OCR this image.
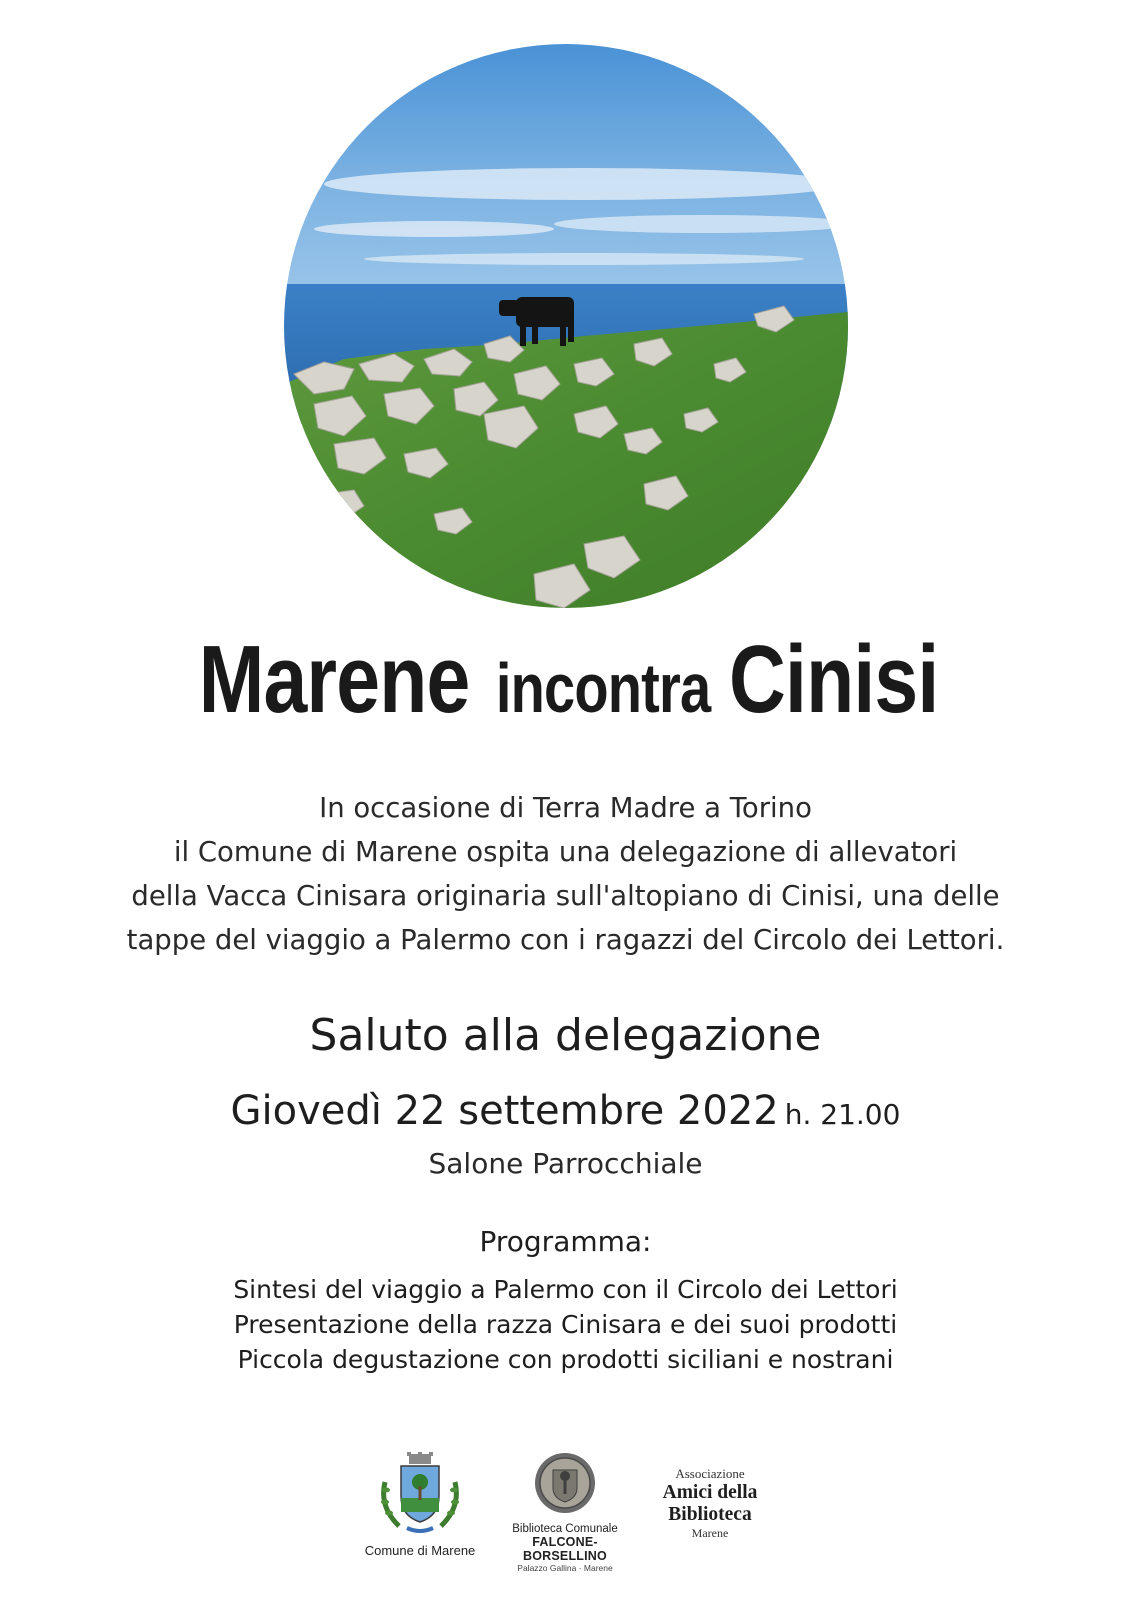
Marene incontra Cinisi
In occasione di Terra Madre a Torino
il Comune di Marene ospita una delegazione di allevatori
della Vacca Cinisara originaria sull'altopiano di Cinisi, una delle
tappe del viaggio a Palermo con i ragazzi del Circolo dei Lettori.
Saluto alla delegazione
Giovedì 22 settembre 2022 h. 21.00
Salone Parrocchiale
Programma:
Sintesi del viaggio a Palermo con il Circolo dei Lettori
Presentazione della razza Cinisara e dei suoi prodotti
Piccola degustazione con prodotti siciliani e nostrani
Comune di Marene
Biblioteca Comunale
FALCONE-BORSELLINO
Palazzo Gallina · Marene
Associazione
Amici della
Biblioteca
Marene
